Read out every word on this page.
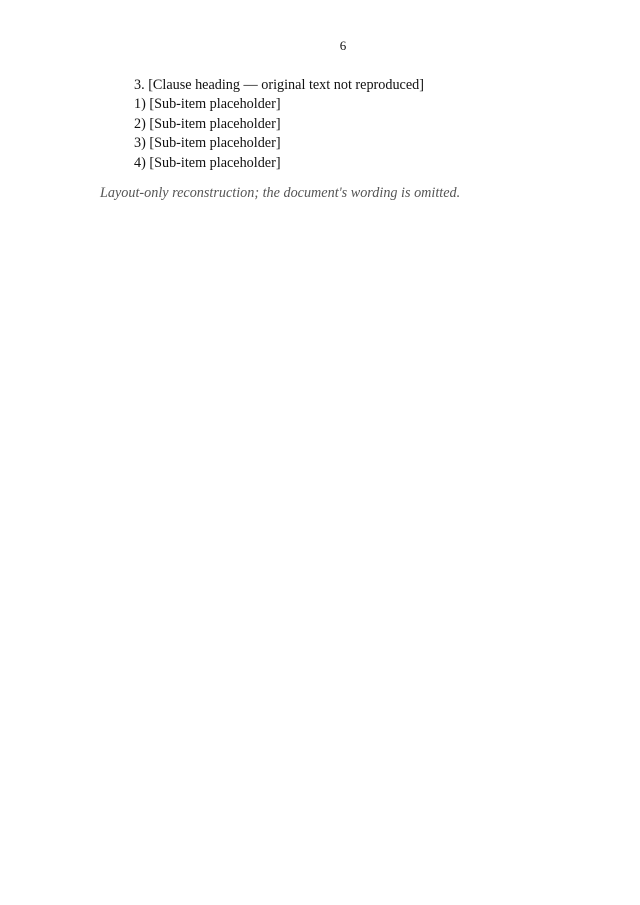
6

3. [Clause heading — original text not reproduced]

1) [Sub-item placeholder]

2) [Sub-item placeholder]

3) [Sub-item placeholder]

4) [Sub-item placeholder]

Layout-only reconstruction; the document's wording is omitted.
